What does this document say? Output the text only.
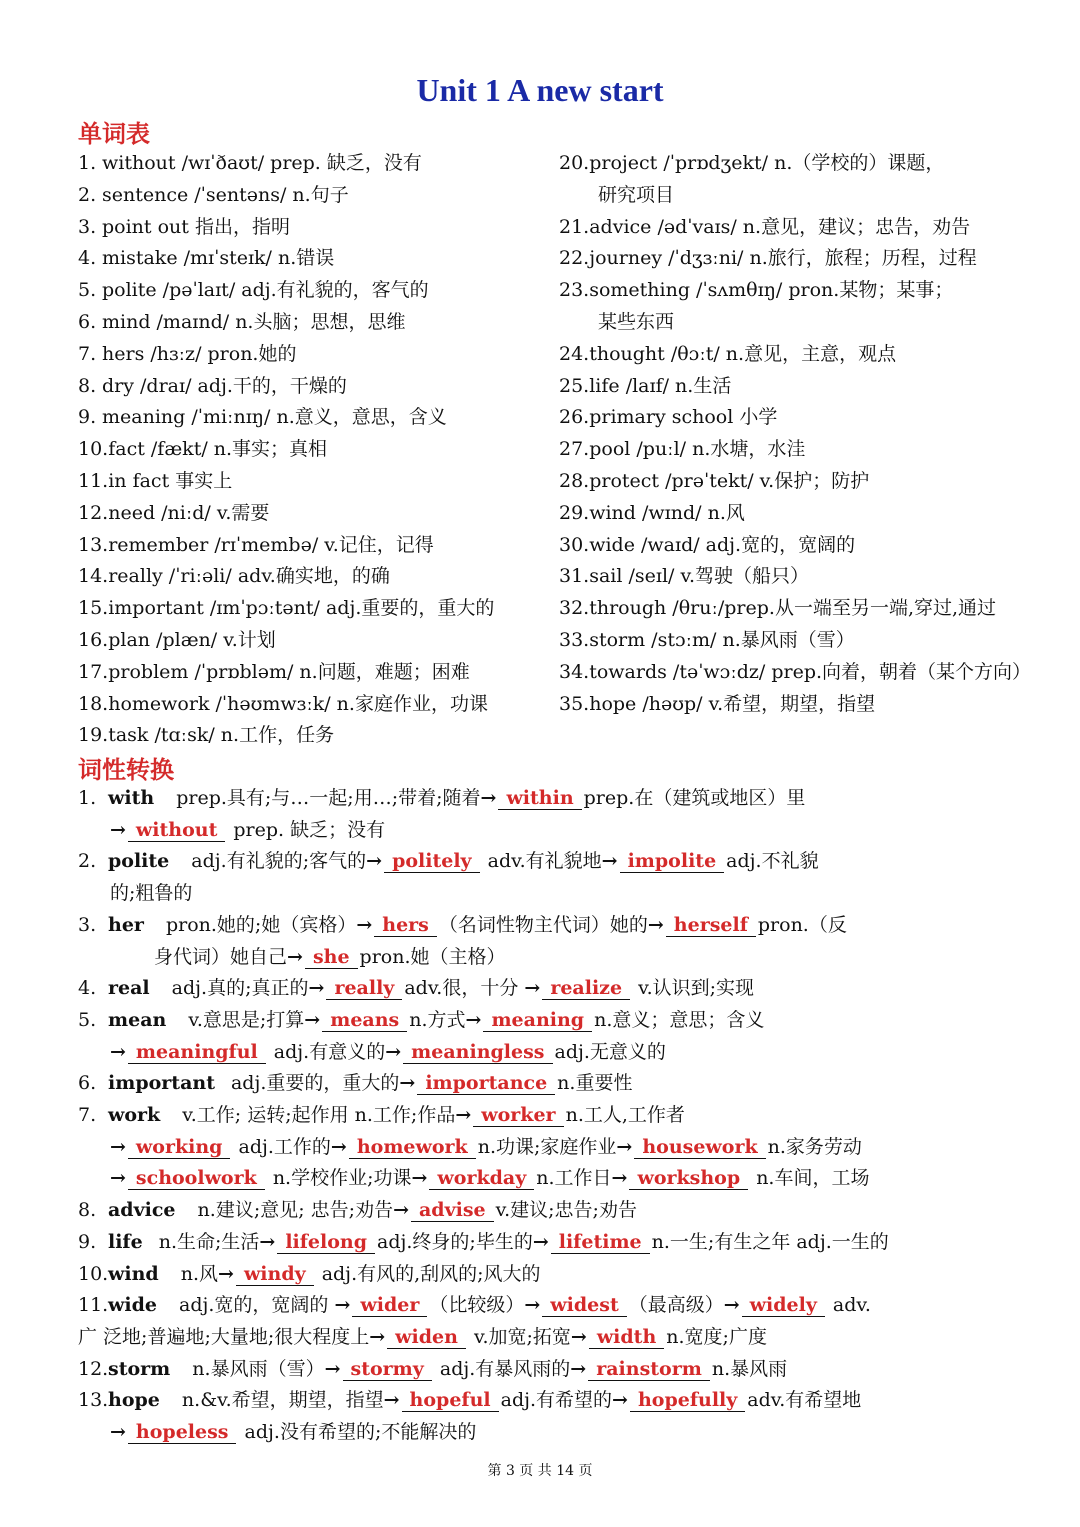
Unit 1 A new start
单词表
1.without /wɪˈðaʊt/ prep. 缺乏，没有
2.sentence /ˈsentəns/ n.句子
3.point out 指出，指明
4.mistake /mɪˈsteɪk/ n.错误
5.polite /pəˈlaɪt/ adj.有礼貌的，客气的
6.mind /maɪnd/ n.头脑；思想，思维
7.hers /hɜːz/ pron.她的
8.dry /draɪ/ adj.干的，干燥的
9.meaning /ˈmiːnɪŋ/ n.意义，意思，含义
10.fact /fækt/ n.事实；真相
11.in fact 事实上
12.need /niːd/ v.需要
13.remember /rɪˈmembə/ v.记住，记得
14.really /ˈriːəli/ adv.确实地，的确
15.important /ɪmˈpɔːtənt/ adj.重要的，重大的
16.plan /plæn/ v.计划
17.problem /ˈprɒbləm/ n.问题，难题；困难
18.homework /ˈhəʊmwɜːk/ n.家庭作业，功课
19.task /tɑːsk/ n.工作，任务
20.project /ˈprɒdʒekt/ n.（学校的）课题，
研究项目
21.advice /ədˈvaɪs/ n.意见，建议；忠告，劝告
22.journey /ˈdʒɜːni/ n.旅行，旅程；历程，过程
23.something /ˈsʌmθɪŋ/ pron.某物；某事；
某些东西
24.thought /θɔːt/ n.意见，主意，观点
25.life /laɪf/ n.生活
26.primary school 小学
27.pool /puːl/ n.水塘，水洼
28.protect /prəˈtekt/ v.保护；防护
29.wind /wɪnd/ n.风
30.wide /waɪd/ adj.宽的，宽阔的
31.sail /seɪl/ v.驾驶（船只）
32.through /θruː/prep.从一端至另一端,穿过,通过
33.storm /stɔːm/ n.暴风雨（雪）
34.towards /təˈwɔːdz/ prep.向着，朝着（某个方向）
35.hope /həʊp/ v.希望，期望，指望
词性转换
1. with prep.具有;与…一起;用…;带着;随着→ within prep.在（建筑或地区）里
→ without prep. 缺乏；没有
2. polite adj.有礼貌的;客气的→ politely adv.有礼貌地→ impolite adj.不礼貌
的;粗鲁的
3. her pron.她的;她（宾格）→ hers （名词性物主代词）她的→ herself pron.（反
身代词）她自己→ she pron.她（主格）
4. real adj.真的;真正的→ really adv.很，十分 → realize v.认识到;实现
5. mean v.意思是;打算→ means n.方式→ meaning n.意义；意思；含义
→ meaningful adj.有意义的→ meaningless adj.无意义的
6. important adj.重要的，重大的→ importance n.重要性
7. work v.工作; 运转;起作用 n.工作;作品→ worker n.工人,工作者
→ working adj.工作的→ homework n.功课;家庭作业→ housework n.家务劳动
→ schoolwork n.学校作业;功课→ workday n.工作日→ workshop n.车间，工场
8. advice n.建议;意见; 忠告;劝告→ advise v.建议;忠告;劝告
9. life n.生命;生活→ lifelong adj.终身的;毕生的→ lifetime n.一生;有生之年 adj.一生的
10.wind n.风→ windy adj.有风的,刮风的;风大的
11.wide adj.宽的，宽阔的 → wider （比较级）→ widest （最高级）→ widely adv.
广 泛地;普遍地;大量地;很大程度上→ widen v.加宽;拓宽→ width n.宽度;广度
12.storm n.暴风雨（雪）→ stormy adj.有暴风雨的→ rainstorm n.暴风雨
13.hope n.&v.希望，期望，指望→ hopeful adj.有希望的→ hopefully adv.有希望地
→ hopeless adj.没有希望的;不能解决的
第 3 页 共 14 页
